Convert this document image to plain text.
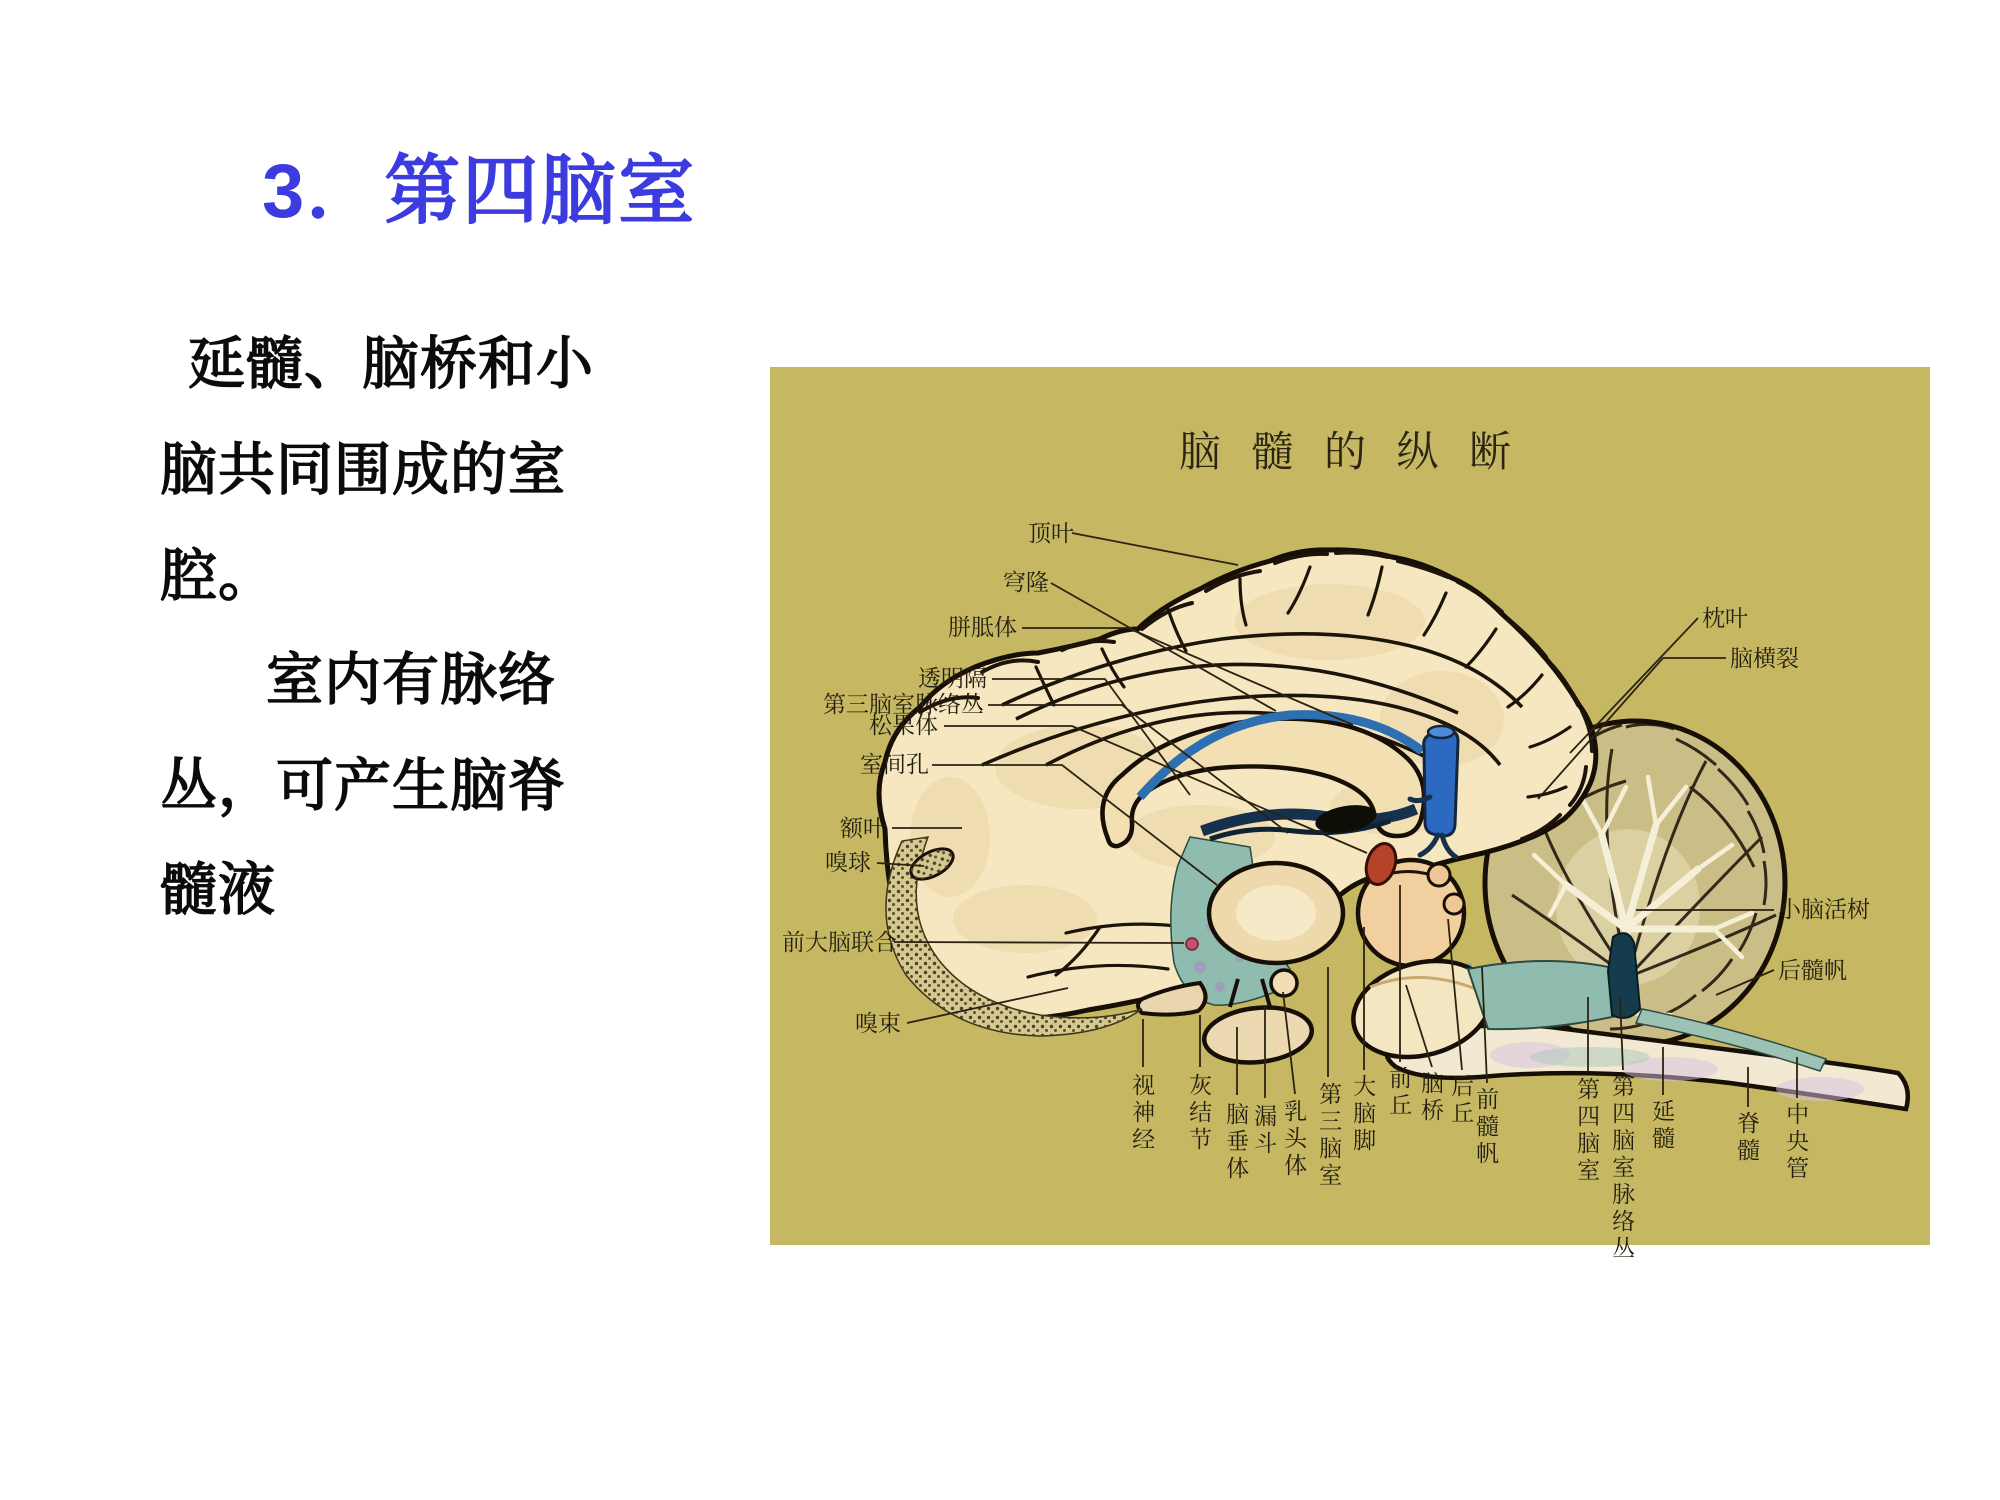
3．第四脑室
延髓、脑桥和小
脑共同围成的室
腔。
室内有脉络
丛，可产生脑脊
髓液
脑 髓 的 纵 断
顶叶
穹隆
胼胝体
透明隔
第三脑室脉络丛
松果体
室间孔
额叶
嗅球
前大脑联合
嗅束
枕叶
脑横裂
小脑活树
后髓帆
视神经 灰结节 脑垂体 漏斗 乳头体 第三脑室 大脑脚 前丘 脑桥 后丘 前髓帆	第四脑室 第四脑室脉络丛 延髓	脊髓 中央管
